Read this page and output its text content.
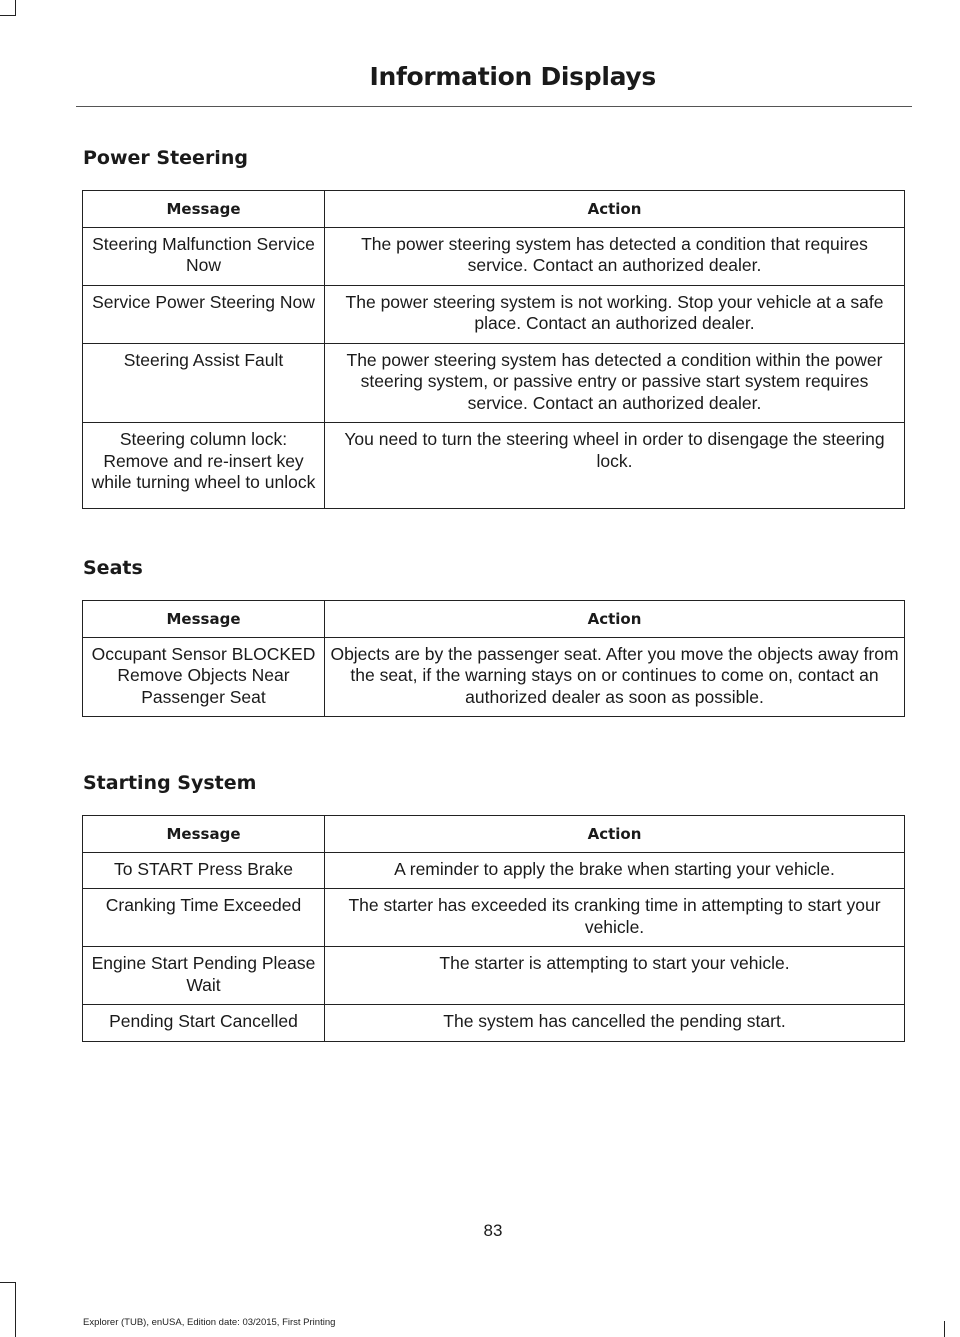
Information Displays
Power Steering
Message	Action
Steering Malfunction Service Now	The power steering system has detected a condition that requires service. Contact an authorized dealer.
Service Power Steering Now	The power steering system is not working. Stop your vehicle at a safe place. Contact an authorized dealer.
Steering Assist Fault	The power steering system has detected a condition within the power steering system, or passive entry or passive start system requires service. Contact an authorized dealer.
Steering column lock: Remove and re-insert key while turning wheel to unlock	You need to turn the steering wheel in order to disengage the steering lock.
Seats
Message	Action
Occupant Sensor BLOCKED Remove Objects Near Passenger Seat	Objects are by the passenger seat. After you move the objects away from the seat, if the warning stays on or continues to come on, contact an authorized dealer as soon as possible.
Starting System
Message	Action
To START Press Brake	A reminder to apply the brake when starting your vehicle.
Cranking Time Exceeded	The starter has exceeded its cranking time in attempting to start your vehicle.
Engine Start Pending Please Wait	The starter is attempting to start your vehicle.
Pending Start Cancelled	The system has cancelled the pending start.
83
Explorer (TUB), enUSA, Edition date: 03/2015, First Printing
